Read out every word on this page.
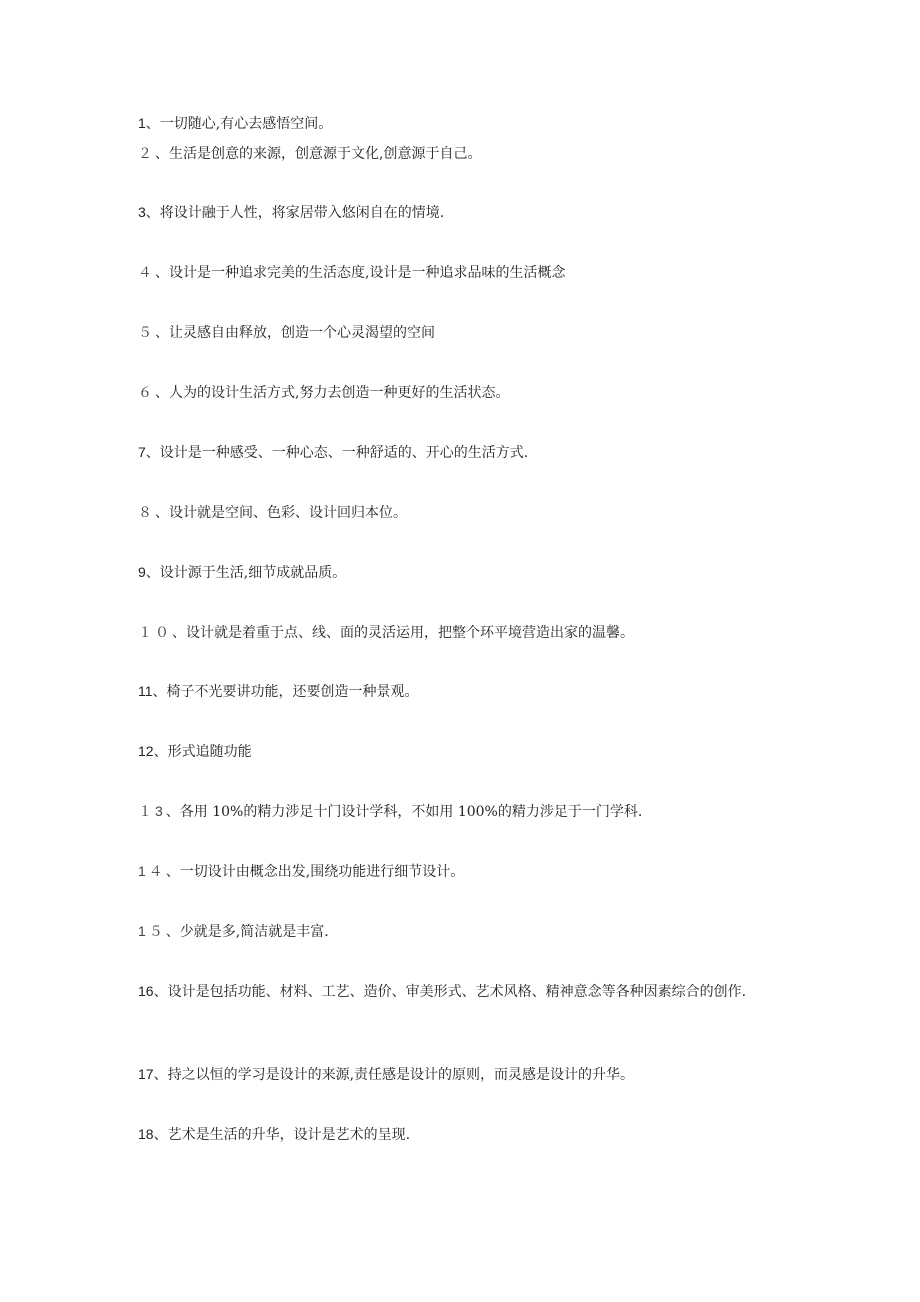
1、一切随心,有心去感悟空间。

２、生活是创意的来源，创意源于文化,创意源于自己。

3、将设计融于人性，将家居带入悠闲自在的情境.

４、设计是一种追求完美的生活态度,设计是一种追求品味的生活概念

５、让灵感自由释放，创造一个心灵渴望的空间

６、人为的设计生活方式,努力去创造一种更好的生活状态。

7、设计是一种感受、一种心态、一种舒适的、开心的生活方式.

８、设计就是空间、色彩、设计回归本位。

9、设计源于生活,细节成就品质。

１０、设计就是着重于点、线、面的灵活运用，把整个环平境营造出家的温馨。

11、椅子不光要讲功能，还要创造一种景观。

12、形式追随功能

１3、各用 10%的精力涉足十门设计学科，不如用 100%的精力涉足于一门学科.

1４、一切设计由概念出发,围绕功能进行细节设计。

1５、少就是多,简洁就是丰富.

16、设计是包括功能、材料、工艺、造价、审美形式、艺术风格、精神意念等各种因素综合的创作.

17、持之以恒的学习是设计的来源,责任感是设计的原则，而灵感是设计的升华。

18、艺术是生活的升华，设计是艺术的呈现.
